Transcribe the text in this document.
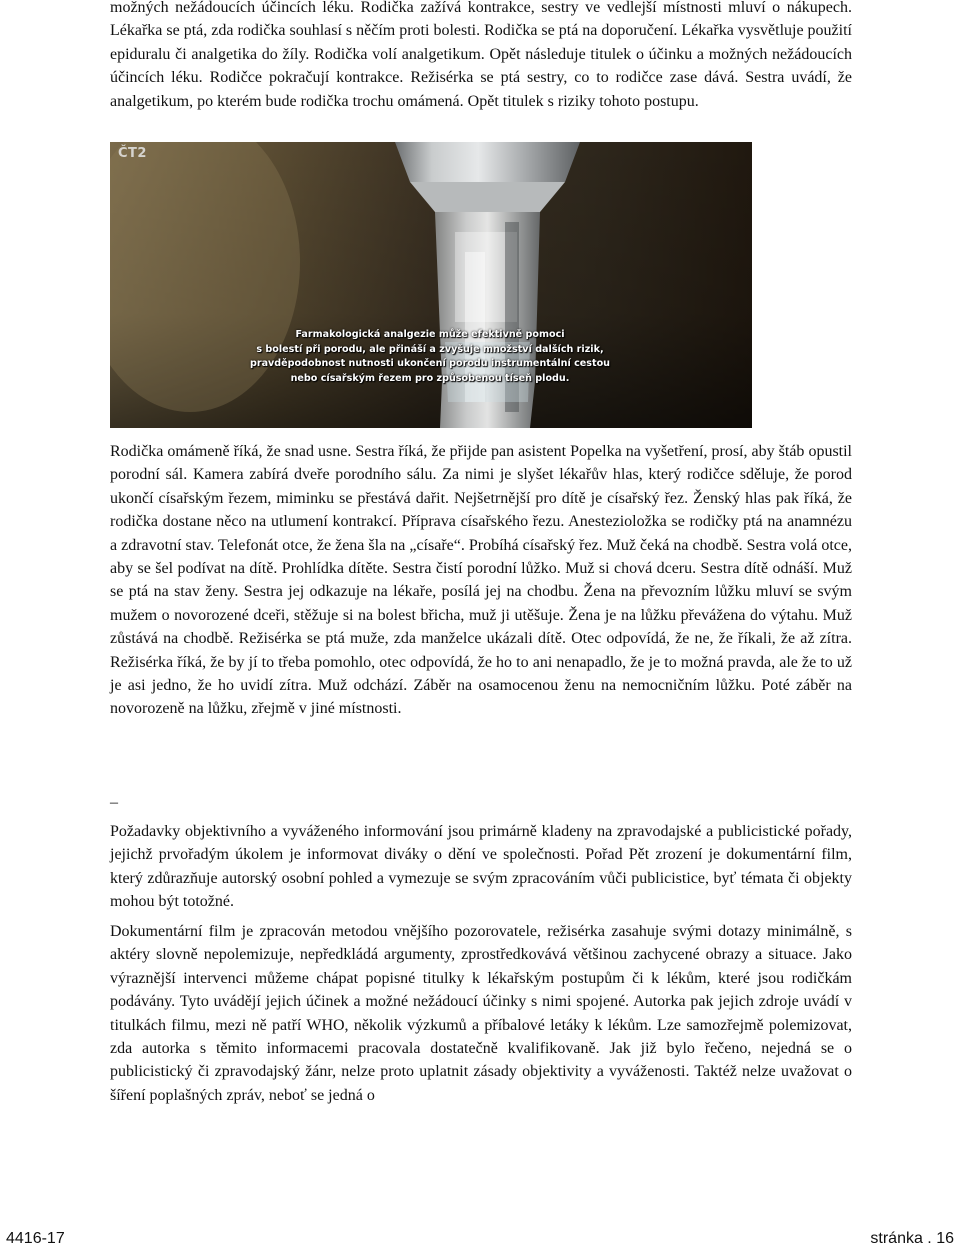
možných nežádoucích účincích léku. Rodička zažívá kontrakce, sestry ve vedlejší místnosti mluví o nákupech. Lékařka se ptá, zda rodička souhlasí s něčím proti bolesti. Rodička se ptá na doporučení. Lékařka vysvětluje použití epiduralu či analgetika do žíly. Rodička volí analgetikum. Opět následuje titulek o účinku a možných nežádoucích účincích léku. Rodičce pokračují kontrakce. Režisérka se ptá sestry, co to rodičce zase dává. Sestra uvádí, že analgetikum, po kterém bude rodička trochu omámená. Opět titulek s riziky tohoto postupu.

ČT2
Farmakologická analgezie může efektivně pomoci
s bolestí při porodu, ale přináší a zvyšuje množství dalších rizik,
pravděpodobnost nutnosti ukončení porodu instrumentální cestou
nebo císařským řezem pro způsobenou tíseň plodu.

Rodička omámeně říká, že snad usne. Sestra říká, že přijde pan asistent Popelka na vyšetření, prosí, aby štáb opustil porodní sál. Kamera zabírá dveře porodního sálu. Za nimi je slyšet lékařův hlas, který rodičce sděluje, že porod ukončí císařským řezem, miminku se přestává dařit. Nejšetrnější pro dítě je císařský řez. Ženský hlas pak říká, že rodička dostane něco na utlumení kontrakcí. Příprava císařského řezu. Anestezioložka se rodičky ptá na anamnézu a zdravotní stav. Telefonát otce, že žena šla na „císaře“. Probíhá císařský řez. Muž čeká na chodbě. Sestra volá otce, aby se šel podívat na dítě. Prohlídka dítěte. Sestra čistí porodní lůžko. Muž si chová dceru. Sestra dítě odnáší. Muž se ptá na stav ženy. Sestra jej odkazuje na lékaře, posílá jej na chodbu. Žena na převozním lůžku mluví se svým mužem o novorozené dceři, stěžuje si na bolest břicha, muž ji utěšuje. Žena je na lůžku převážena do výtahu. Muž zůstává na chodbě. Režisérka se ptá muže, zda manželce ukázali dítě. Otec odpovídá, že ne, že říkali, že až zítra. Režisérka říká, že by jí to třeba pomohlo, otec odpovídá, že ho to ani nenapadlo, že je to možná pravda, ale že to už je asi jedno, že ho uvidí zítra. Muž odchází. Záběr na osamocenou ženu na nemocničním lůžku. Poté záběr na novorozeně na lůžku, zřejmě v jiné místnosti.

–

Požadavky objektivního a vyváženého informování jsou primárně kladeny na zpravodajské a publicistické pořady, jejichž prvořadým úkolem je informovat diváky o dění ve společnosti. Pořad Pět zrození je dokumentární film, který zdůrazňuje autorský osobní pohled a vymezuje se svým zpracováním vůči publicistice, byť témata či objekty mohou být totožné.

Dokumentární film je zpracován metodou vnějšího pozorovatele, režisérka zasahuje svými dotazy minimálně, s aktéry slovně nepolemizuje, nepředkládá argumenty, zprostředkovává většinou zachycené obrazy a situace. Jako výraznější intervenci můžeme chápat popisné titulky k lékařským postupům či k lékům, které jsou rodičkám podávány. Tyto uvádějí jejich účinek a možné nežádoucí účinky s nimi spojené. Autorka pak jejich zdroje uvádí v titulkách filmu, mezi ně patří WHO, několik výzkumů a příbalové letáky k lékům. Lze samozřejmě polemizovat, zda autorka s těmito informacemi pracovala dostatečně kvalifikovaně. Jak již bylo řečeno, nejedná se o publicistický či zpravodajský žánr, nelze proto uplatnit zásady objektivity a vyváženosti. Taktéž nelze uvažovat o šíření poplašných zpráv, neboť se jedná o

4416-17	stránka . 16
